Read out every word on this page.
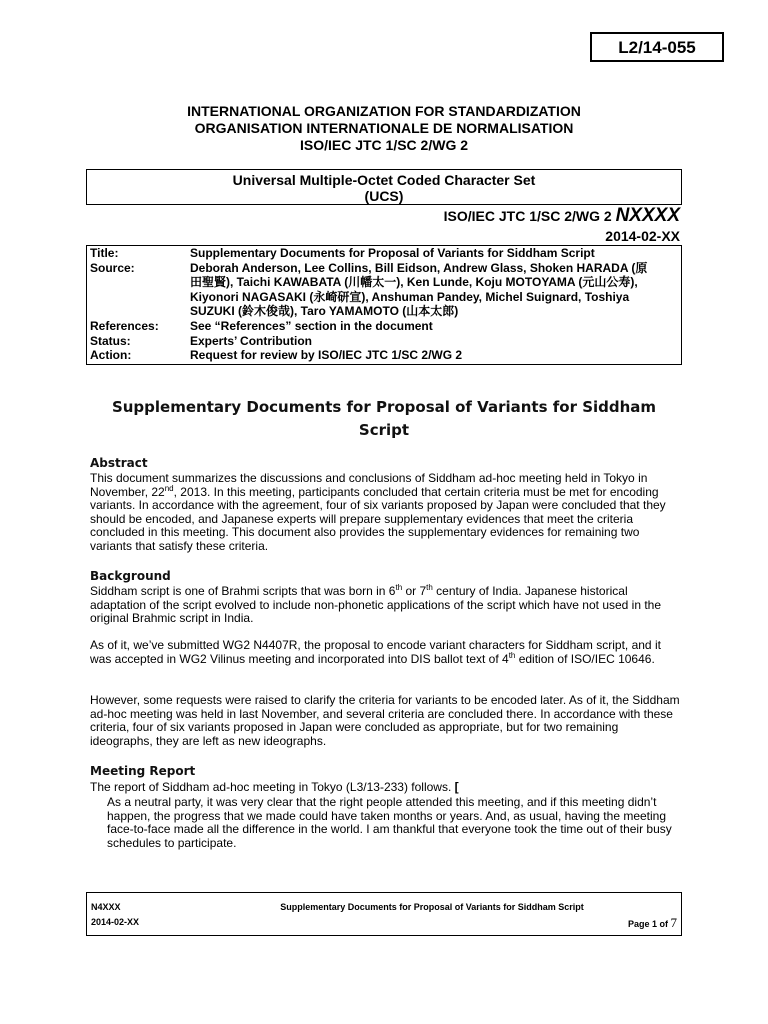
L2/14-055
INTERNATIONAL ORGANIZATION FOR STANDARDIZATION
ORGANISATION INTERNATIONALE DE NORMALISATION
ISO/IEC JTC 1/SC 2/WG 2
Universal Multiple-Octet Coded Character Set
(UCS)
ISO/IEC JTC 1/SC 2/WG 2 NXXXX
2014-02-XX
Title:	Supplementary Documents for Proposal of Variants for Siddham Script
Source:	Deborah Anderson, Lee Collins, Bill Eidson, Andrew Glass, Shoken HARADA (原
田聖賢), Taichi KAWABATA (川幡太一), Ken Lunde, Koju MOTOYAMA (元山公寿),
Kiyonori NAGASAKI (永崎研宣), Anshuman Pandey, Michel Suignard, Toshiya
SUZUKI (鈴木俊哉), Taro YAMAMOTO (山本太郎)
References:	See “References” section in the document
Status:	Experts’ Contribution
Action:	Request for review by ISO/IEC JTC 1/SC 2/WG 2
Supplementary Documents for Proposal of Variants for Siddham
Script
Abstract
This document summarizes the discussions and conclusions of Siddham ad-hoc meeting held in Tokyo in November, 22nd, 2013. In this meeting, participants concluded that certain criteria must be met for encoding variants. In accordance with the agreement, four of six variants proposed by Japan were concluded that they should be encoded, and Japanese experts will prepare supplementary evidences that meet the criteria concluded in this meeting. This document also provides the supplementary evidences for remaining two variants that satisfy these criteria.
Background
Siddham script is one of Brahmi scripts that was born in 6th or 7th century of India. Japanese historical adaptation of the script evolved to include non-phonetic applications of the script which have not used in the original Brahmic script in India.
As of it, we’ve submitted WG2 N4407R, the proposal to encode variant characters for Siddham script, and it was accepted in WG2 Vilinus meeting and incorporated into DIS ballot text of 4th edition of ISO/IEC 10646.
However, some requests were raised to clarify the criteria for variants to be encoded later. As of it, the Siddham ad-hoc meeting was held in last November, and several criteria are concluded there. In accordance with these criteria, four of six variants proposed in Japan were concluded as appropriate, but for two remaining ideographs, they are left as new ideographs.
Meeting Report
The report of Siddham ad-hoc meeting in Tokyo (L3/13-233) follows. [
As a neutral party, it was very clear that the right people attended this meeting, and if this meeting didn’t happen, the progress that we made could have taken months or years. And, as usual, having the meeting face-to-face made all the difference in the world. I am thankful that everyone took the time out of their busy schedules to participate.
N4XXX
2014-02-XX
Supplementary Documents for Proposal of Variants for Siddham Script
Page 1 of 7
